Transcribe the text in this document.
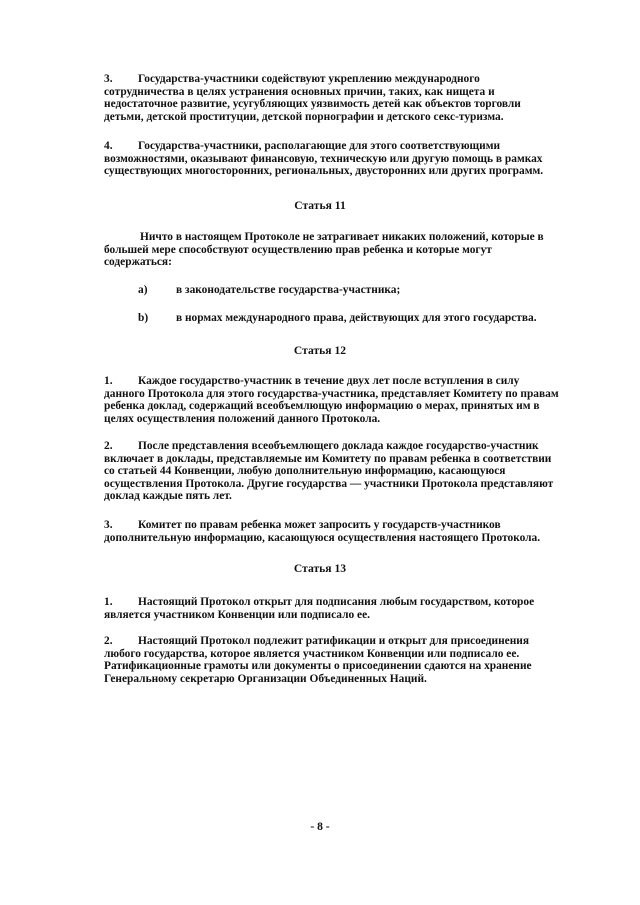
3. Государства-участники содействуют укреплению международного
сотрудничества в целях устранения основных причин, таких, как нищета и
недостаточное развитие, усугубляющих уязвимость детей как объектов торговли
детьми, детской проституции, детской порнографии и детского секс-туризма.
4. Государства-участники, располагающие для этого соответствующими
возможностями, оказывают финансовую, техническую или другую помощь в рамках
существующих многосторонних, региональных, двусторонних или других программ.
Статья 11
Ничто в настоящем Протоколе не затрагивает никаких положений, которые в
большей мере способствуют осуществлению прав ребенка и которые могут
содержаться:
а)	в законодательстве государства-участника;
b) в нормах международного права, действующих для этого государства.
Статья 12
1. Каждое государство-участник в течение двух лет после вступления в силу
данного Протокола для этого государства-участника, представляет Комитету по правам
ребенка доклад, содержащий всеобъемлющую информацию о мерах, принятых им в
целях осуществления положений данного Протокола.
2. После представления всеобъемлющего доклада каждое государство-участник
включает в доклады, представляемые им Комитету по правам ребенка в соответствии
со статьей 44 Конвенции, любую дополнительную информацию, касающуюся
осуществления Протокола. Другие государства — участники Протокола представляют
доклад каждые пять лет.
3. Комитет по правам ребенка может запросить у государств-участников
дополнительную информацию, касающуюся осуществления настоящего Протокола.
Статья 13
1. Настоящий Протокол открыт для подписания любым государством, которое
является участником Конвенции или подписало ее.
2. Настоящий Протокол подлежит ратификации и открыт для присоединения
любого государства, которое является участником Конвенции или подписало ее.
Ратификационные грамоты или документы о присоединении сдаются на хранение
Генеральному секретарю Организации Объединенных Наций.
- 8 -
